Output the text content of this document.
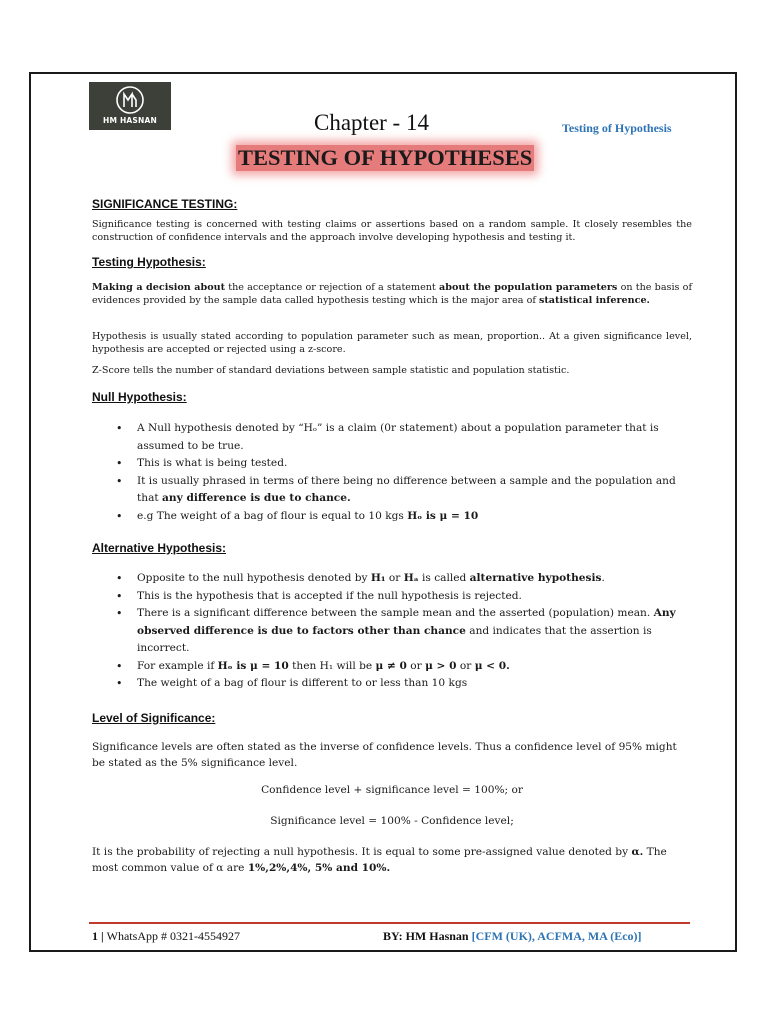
HM HASNAN	Chapter - 14	Testing of Hypothesis
TESTING OF HYPOTHESES
SIGNIFICANCE TESTING:
Significance testing is concerned with testing claims or assertions based on a random sample. It closely resembles the construction of confidence intervals and the approach involve developing hypothesis and testing it.
Testing Hypothesis:
Making a decision about the acceptance or rejection of a statement about the population parameters on the basis of evidences provided by the sample data called hypothesis testing which is the major area of statistical inference.
Hypothesis is usually stated according to population parameter such as mean, proportion.. At a given significance level, hypothesis are accepted or rejected using a z-score.
Z-Score tells the number of standard deviations between sample statistic and population statistic.
Null Hypothesis:
• A Null hypothesis denoted by “Hₒ” is a claim (0r statement) about a population parameter that is assumed to be true.
• This is what is being tested.
• It is usually phrased in terms of there being no difference between a sample and the population and that any difference is due to chance.
• e.g The weight of a bag of flour is equal to 10 kgs Hₒ is μ = 10
Alternative Hypothesis:
• Opposite to the null hypothesis denoted by H₁ or Hₐ is called alternative hypothesis.
• This is the hypothesis that is accepted if the null hypothesis is rejected.
• There is a significant difference between the sample mean and the asserted (population) mean. Any observed difference is due to factors other than chance and indicates that the assertion is incorrect.
• For example if Hₒ is μ = 10 then H₁ will be μ ≠ 0 or μ > 0 or μ < 0.
• The weight of a bag of flour is different to or less than 10 kgs
Level of Significance:
Significance levels are often stated as the inverse of confidence levels. Thus a confidence level of 95% might be stated as the 5% significance level.
Confidence level + significance level = 100%; or
Significance level = 100% - Confidence level;
It is the probability of rejecting a null hypothesis. It is equal to some pre-assigned value denoted by α. The most common value of α are 1%,2%,4%, 5% and 10%.
1 | WhatsApp # 0321-4554927	BY: HM Hasnan [CFM (UK), ACFMA, MA (Eco)]
